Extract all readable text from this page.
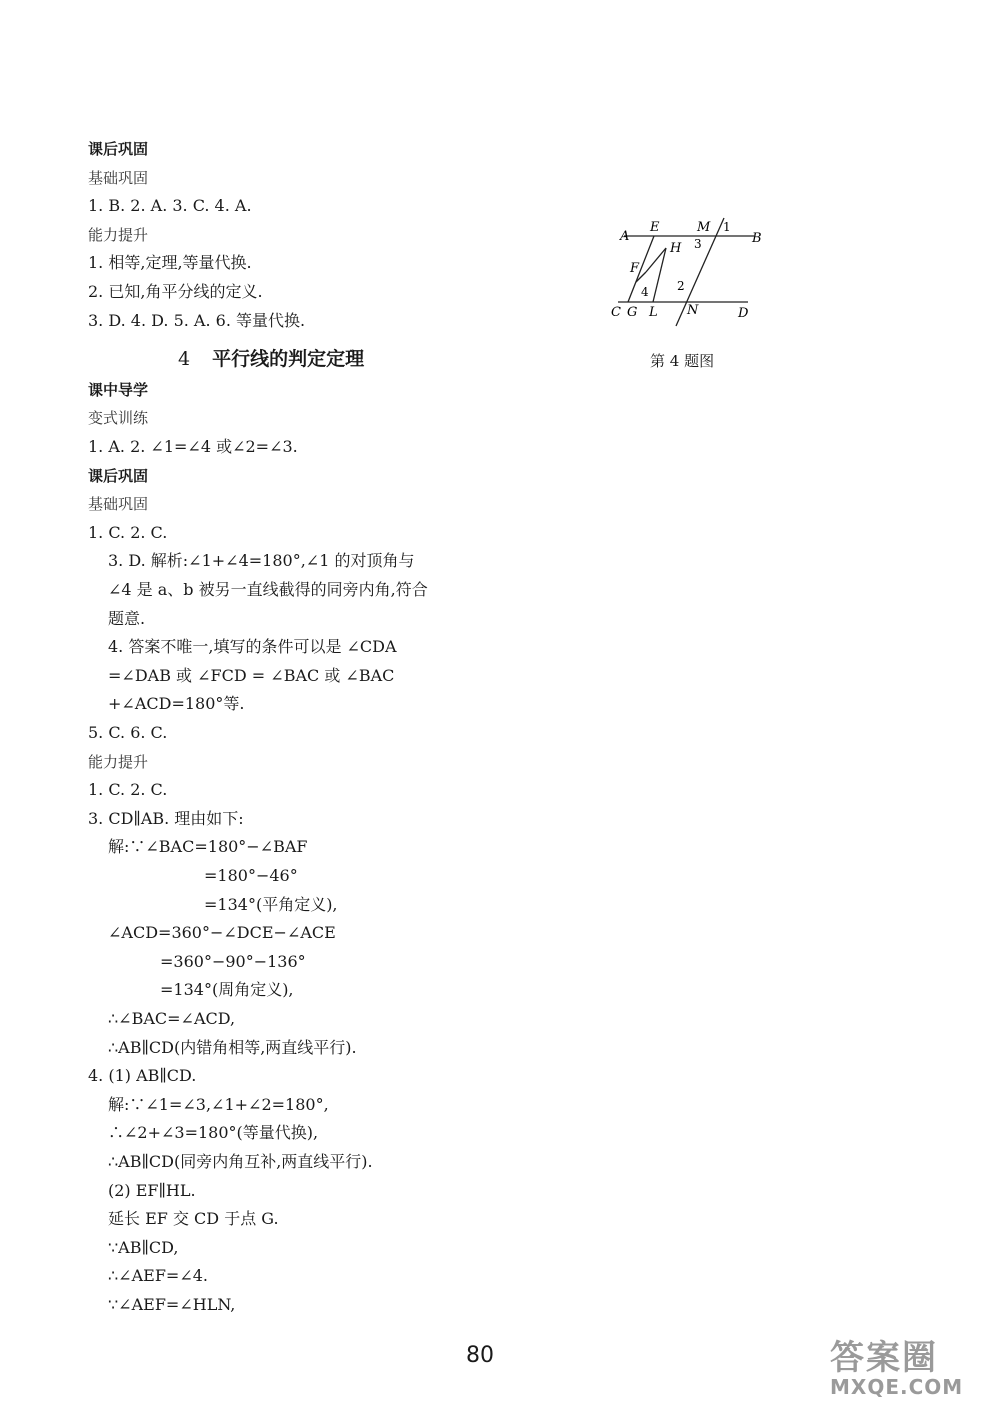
课后巩固
基础巩固
1. B. 2. A. 3. C. 4. A.
能力提升
1. 相等,定理,等量代换.
2. 已知,角平分线的定义.
3. D. 4. D. 5. A. 6. 等量代换.
4 平行线的判定定理
课中导学
变式训练
1. A. 2. ∠1=∠4 或∠2=∠3.
课后巩固
基础巩固
1. C. 2. C.
3. D. 解析:∠1+∠4=180°,∠1 的对顶角与
∠4 是 a、b 被另一直线截得的同旁内角,符合
题意.
4. 答案不唯一,填写的条件可以是 ∠CDA
=∠DAB 或 ∠FCD = ∠BAC 或 ∠BAC
+∠ACD=180°等.
5. C. 6. C.
能力提升
1. C. 2. C.
3. CD∥AB. 理由如下:
解:∵∠BAC=180°−∠BAF
=180°−46°
=134°(平角定义),
∠ACD=360°−∠DCE−∠ACE
=360°−90°−136°
=134°(周角定义),
∴∠BAC=∠ACD,
∴AB∥CD(内错角相等,两直线平行).
4. (1) AB∥CD.
解:∵∠1=∠3,∠1+∠2=180°,
∴∠2+∠3=180°(等量代换),
∴AB∥CD(同旁内角互补,两直线平行).
(2) EF∥HL.
延长 EF 交 CD 于点 G.
∵AB∥CD,
∴∠AEF=∠4.
∵∠AEF=∠HLN,
A
E	M 1
B
H 3
F
2
4
C G L N	D
第 4 题图
80	答案圈
MXQE.COM
